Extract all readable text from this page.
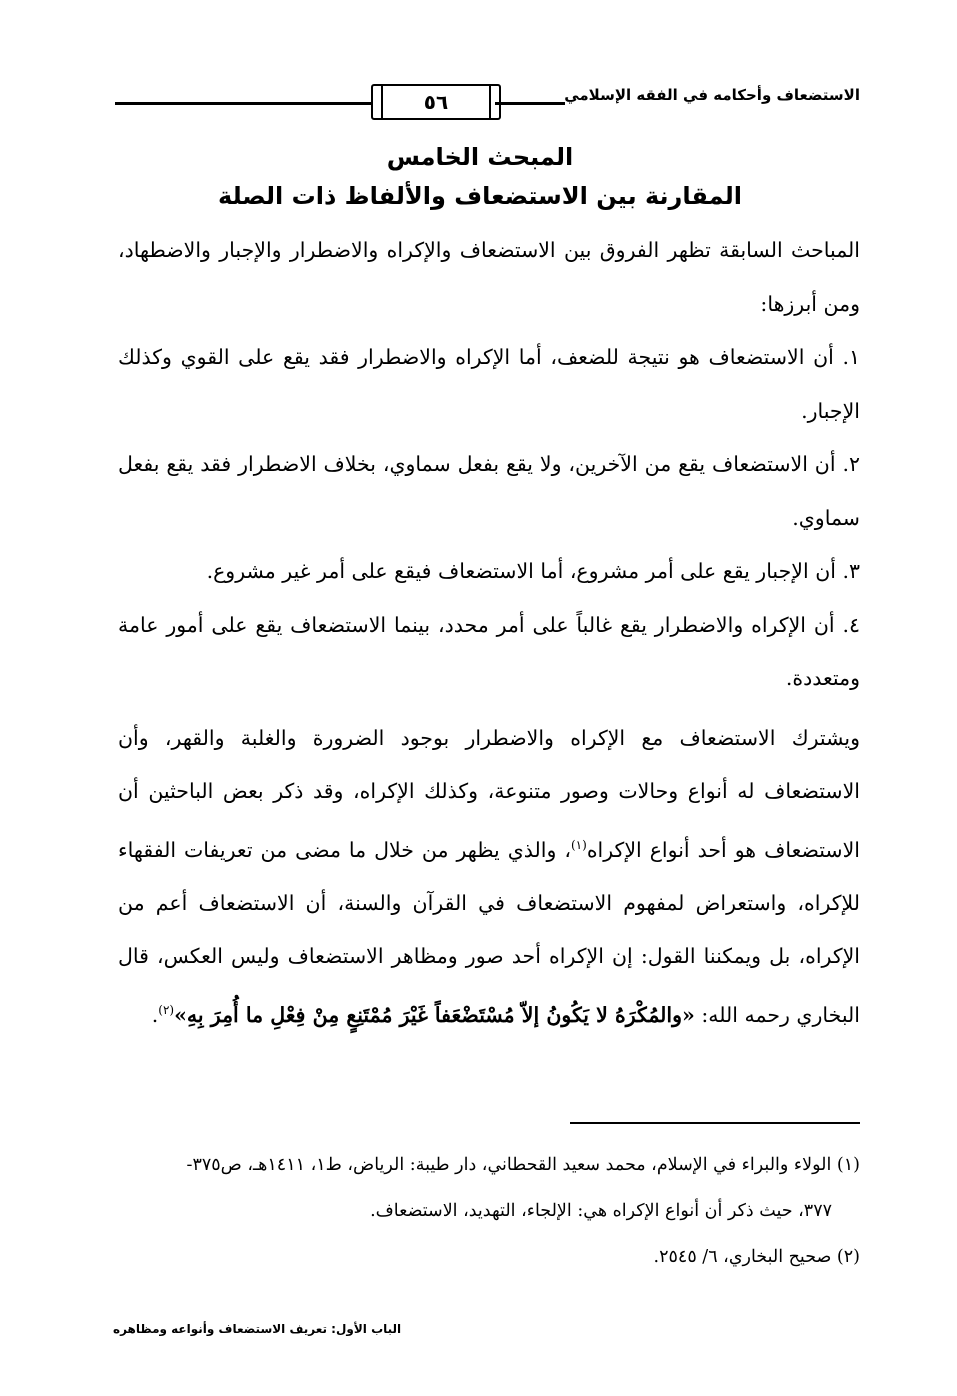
٥٦	الاستضعاف وأحكامه في الفقه الإسلامي
المبحث الخامس
المقارنة بين الاستضعاف والألفاظ ذات الصلة

المباحث السابقة تظهر الفروق بين الاستضعاف والإكراه والاضطرار والإجبار والاضطهاد، ومن أبرزها:

١. أن الاستضعاف هو نتيجة للضعف، أما الإكراه والاضطرار فقد يقع على القوي وكذلك الإجبار.

٢. أن الاستضعاف يقع من الآخرين، ولا يقع بفعل سماوي، بخلاف الاضطرار فقد يقع بفعل سماوي.

٣. أن الإجبار يقع على أمر مشروع، أما الاستضعاف فيقع على أمر غير مشروع.

٤. أن الإكراه والاضطرار يقع غالباً على أمر محدد، بينما الاستضعاف يقع على أمور عامة ومتعددة.

ويشترك الاستضعاف مع الإكراه والاضطرار بوجود الضرورة والغلبة والقهر، وأن الاستضعاف له أنواع وحالات وصور متنوعة، وكذلك الإكراه، وقد ذكر بعض الباحثين أن الاستضعاف هو أحد أنواع الإكراه$^{(١)}$، والذي يظهر من خلال ما مضى من تعريفات الفقهاء للإكراه، واستعراض لمفهوم الاستضعاف في القرآن والسنة، أن الاستضعاف أعم من الإكراه، بل ويمكننا القول: إن الإكراه أحد صور ومظاهر الاستضعاف وليس العكس، قال البخاري رحمه الله: «والمُكْرَهُ لا يَكُونُ إلاّ مُسْتَضْعَفاً غَيْرَ مُمْتَنِعٍ مِنْ فِعْلِ ما أُمِرَ بِهِ»$^{(٢)}$.

(١) الولاء والبراء في الإسلام، محمد سعيد القحطاني، دار طيبة: الرياض، ط١، ١٤١١هـ، ص٣٧٥-

٣٧٧، حيث ذكر أن أنواع الإكراه هي: الإلجاء، التهديد، الاستضعاف.

(٢) صحيح البخاري، ٦/ ٢٥٤٥.

الباب الأول: تعريف الاستضعاف وأنواعه ومظاهره
